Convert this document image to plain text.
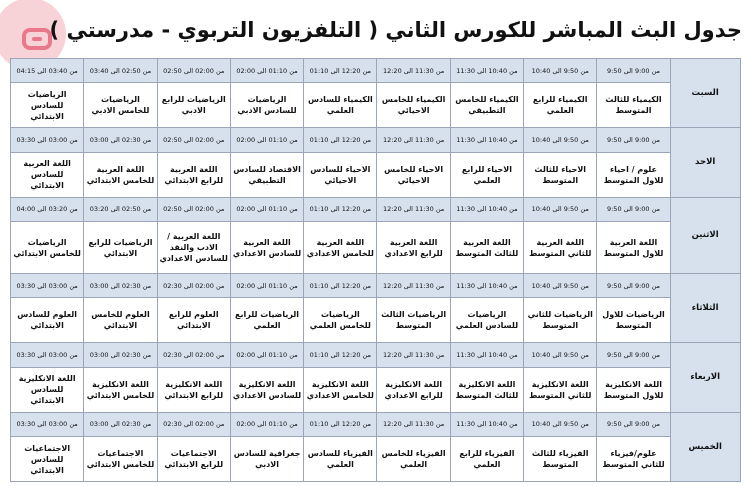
جدول البث المباشر للكورس الثاني ( التلفزيون التربوي - مدرستي )
السبت	من 9:00 الى 9:50	من 9:50 الى 10:40	من 10:40 الى 11:30	من 11:30 الى 12:20	من 12:20 الى 01:10	من 01:10 الى 02:00	من 02:00 الى 02:50	من 02:50 الى 03:40	من 03:40 الى 04:15
	الكيمياء للثالث المتوسط	الكيمياء للرابع العلمي	الكيمياء للخامس التطبيقي	الكيمياء للخامس الاحيائي	الكيمياء للسادس العلمي	الرياضيات للسادس الادبي	الرياضيات للرابع الادبي	الرياضيات للخامس الادبي	الرياضيات للسادس الابتدائي
الاحد	من 9:00 الى 9:50	من 9:50 الى 10:40	من 10:40 الى 11:30	من 11:30 الى 12:20	من 12:20 الى 01:10	من 01:10 الى 02:00	من 02:00 الى 02:50	من 02:30 الى 03:00	من 03:00 الى 03:30
	علوم / احياء للاول المتوسط	الاحياء للثالث المتوسط	الاحياء للرابع العلمي	الاحياء للخامس الاحيائي	الاحياء للسادس الاحيائي	الاقتصاد للسادس التطبيقي	اللغة العربية للرابع الابتدائي	اللغة العربية للخامس الابتدائي	اللغة العربية للسادس الابتدائي
الاثنين	من 9:00 الى 9:50	من 9:50 الى 10:40	من 10:40 الى 11:30	من 11:30 الى 12:20	من 12:20 الى 01:10	من 01:10 الى 02:00	من 02:00 الى 02:50	من 02:50 الى 03:20	من 03:20 الى 04:00
	اللغة العربية للاول المتوسط	اللغة العربية للثاني المتوسط	اللغة العربية للثالث المتوسط	اللغة العربية للرابع الاعدادي	اللغة العربية للخامس الاعدادي	اللغة العربية للسادس الاعدادي	اللغة العربية /الادب والنقد للسادس الاعدادي	الرياضيات للرابع الابتدائي	الرياضيات للخامس الابتدائي
الثلاثاء	من 9:00 الى 9:50	من 9:50 الى 10:40	من 10:40 الى 11:30	من 11:30 الى 12:20	من 12:20 الى 01:10	من 01:10 الى 02:00	من 02:00 الى 02:30	من 02:30 الى 03:00	من 03:00 الى 03:30
	الرياضيات للاول المتوسط	الرياضيات للثاني المتوسط	الرياضيات للسادس العلمي	الرياضيات الثالث المتوسط	الرياضيات للخامس العلمي	الرياضيات للرابع العلمي	العلوم للرابع الابتدائي	العلوم للخامس الابتدائي	العلوم للسادس الابتدائي
الاربعاء	من 9:00 الى 9:50	من 9:50 الى 10:40	من 10:40 الى 11:30	من 11:30 الى 12:20	من 12:20 الى 01:10	من 01:10 الى 02:00	من 02:00 الى 02:30	من 02:30 الى 03:00	من 03:00 الى 03:30
	اللغة الانكليزية للاول المتوسط	اللغة الانكليزية للثاني المتوسط	اللغة الانكليزية للثالث المتوسط	اللغة الانكليزية للرابع الاعدادي	اللغة الانكليزية للخامس الاعدادي	اللغة الانكليزية للسادس الاعدادي	اللغة الانكليزية للرابع الابتدائي	اللغة الانكليزية للخامس الابتدائي	اللغة الانكليزية للسادس الابتدائي
الخميس	من 9:00 الى 9:50	من 9:50 الى 10:40	من 10:40 الى 11:30	من 11:30 الى 12:20	من 12:20 الى 01:10	من 01:10 الى 02:00	من 02:00 الى 02:30	من 02:30 الى 03:00	من 03:00 الى 03:30
	علوم/فيزياء للثاني المتوسط	الفيزياء للثالث المتوسط	الفيزياء للرابع العلمي	الفيزياء للخامس العلمي	الفيزياء للسادس العلمي	جغرافية للسادس الادبي	الاجتماعيات للرابع الابتدائي	الاجتماعيات للخامس الابتدائي	الاجتماعيات للسادس الابتدائي
